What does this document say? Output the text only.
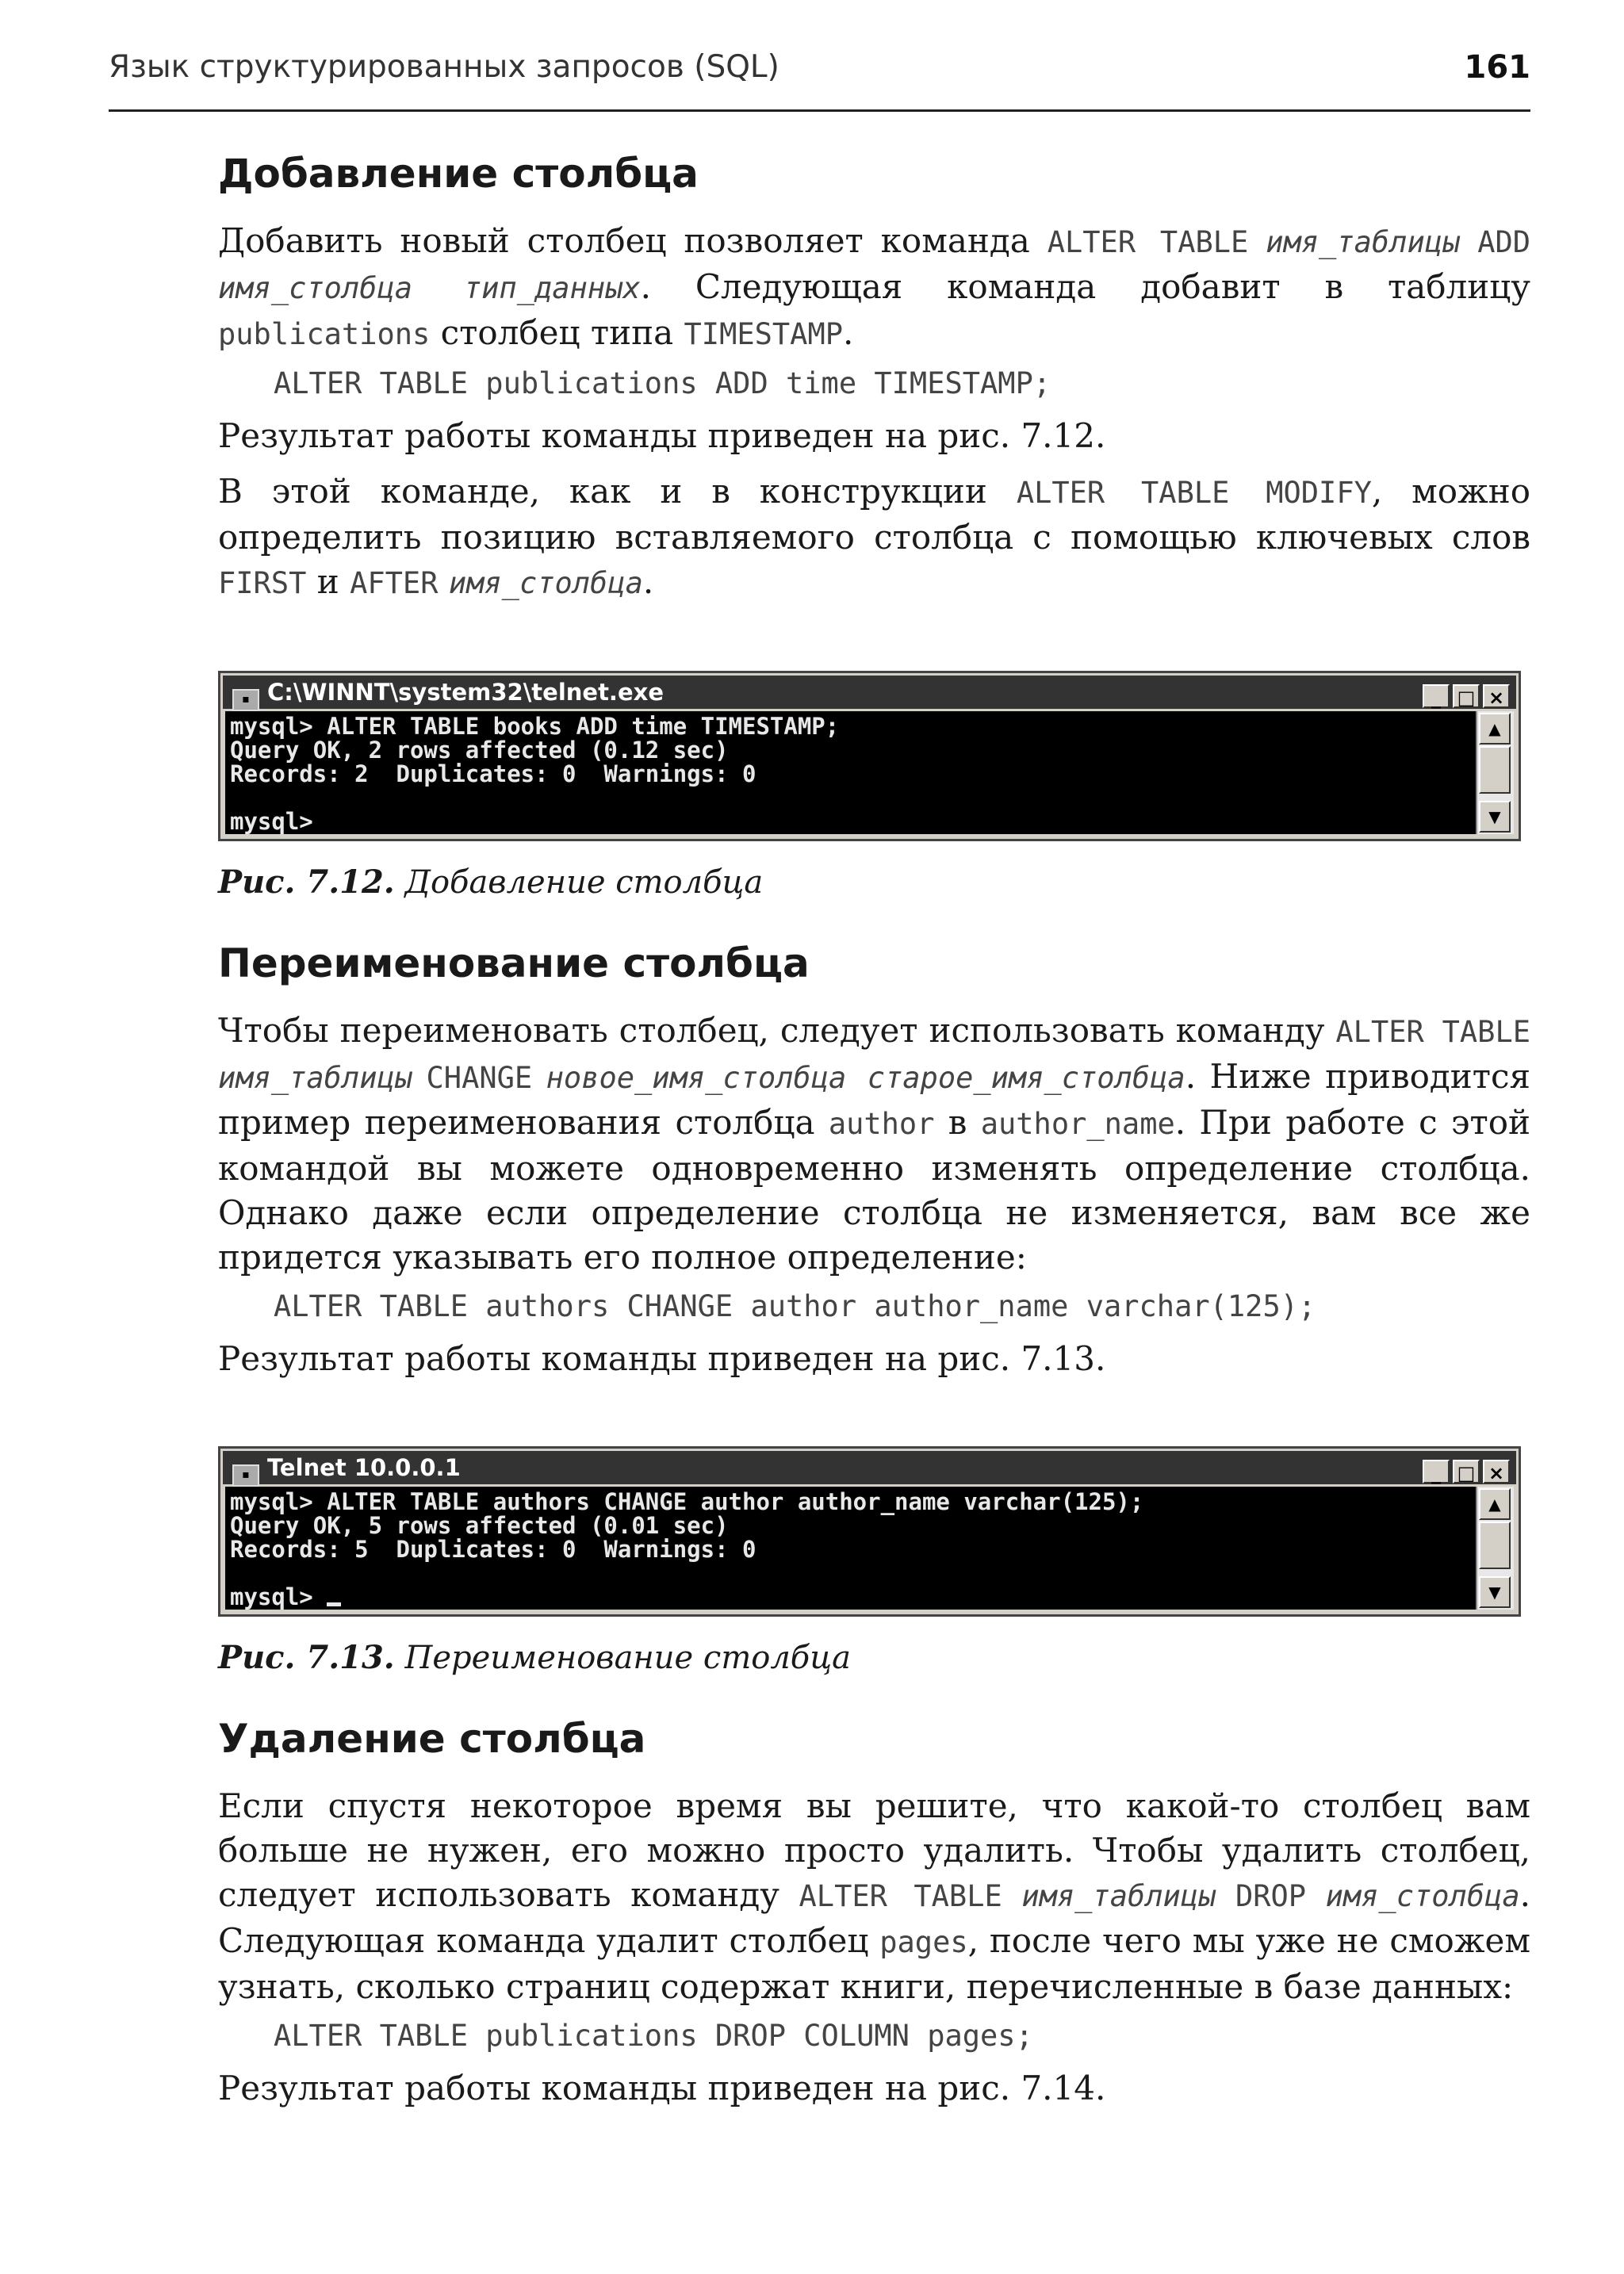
Язык структурированных запросов (SQL)	161
Добавление столбца

Добавить новый столбец позволяет команда ALTER TABLE имя_таблицы ADD имя_столбца тип_данных. Следующая команда добавит в таблицу publications столбец типа TIMESTAMP.

ALTER TABLE publications ADD time TIMESTAMP;

Результат работы команды приведен на рис. 7.12.

В этой команде, как и в конструкции ALTER TABLE MODIFY, можно определить позицию вставляемого столбца с помощью ключевых слов FIRST и AFTER имя_столбца.

▪ C:\WINNT\system32\telnet.exe	_ □ ×
mysql> ALTER TABLE books ADD time TIMESTAMP;
Query OK, 2 rows affected (0.12 sec)
Records: 2  Duplicates: 0  Warnings: 0
mysql>
▲
▼

Рис. 7.12. Добавление столбца

Переименование столбца

Чтобы переименовать столбец, следует использовать команду ALTER TABLE имя_таблицы CHANGE новое_имя_столбца старое_имя_столбца. Ниже приводится пример переименования столбца author в author_name. При работе с этой командой вы можете одновременно изменять определение столбца. Однако даже если определение столбца не изменяется, вам все же придется указывать его полное определение:

ALTER TABLE authors CHANGE author author_name varchar(125);

Результат работы команды приведен на рис. 7.13.

▪ Telnet 10.0.0.1	_ □ ×
mysql> ALTER TABLE authors CHANGE author author_name varchar(125);
Query OK, 5 rows affected (0.01 sec)
Records: 5  Duplicates: 0  Warnings: 0
mysql>
▲
▼

Рис. 7.13. Переименование столбца

Удаление столбца

Если спустя некоторое время вы решите, что какой-то столбец вам больше не нужен, его можно просто удалить. Чтобы удалить столбец, следует использовать команду ALTER TABLE имя_таблицы DROP имя_столбца. Следующая команда удалит столбец pages, после чего мы уже не сможем узнать, сколько страниц содержат книги, перечисленные в базе данных:

ALTER TABLE publications DROP COLUMN pages;

Результат работы команды приведен на рис. 7.14.
